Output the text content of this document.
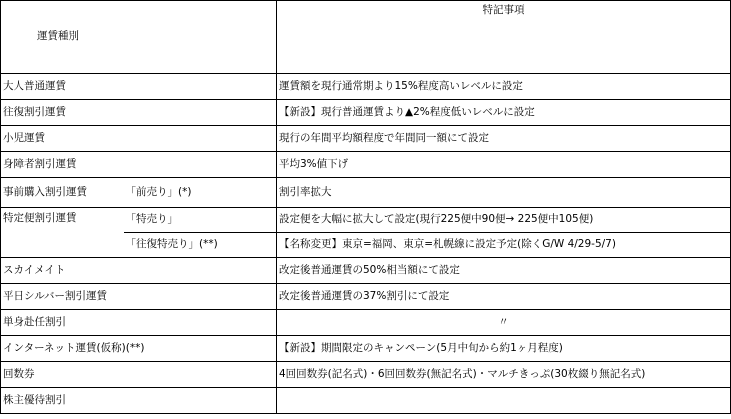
運賃種別		特記事項
大人普通運賃		運賃額を現行通常期より15%程度高いレベルに設定
往復割引運賃		【新設】現行普通運賃より▲2%程度低いレベルに設定
小児運賃		現行の年間平均額程度で年間同一額にて設定
身障者割引運賃		平均3%値下げ
事前購入割引運賃	「前売り」(*)	割引率拡大
特定便割引運賃	「特売り」	設定便を大幅に拡大して設定(現行225便中90便→ 225便中105便)
	「往復特売り」(**)	【名称変更】東京=福岡、東京=札幌線に設定予定(除くG/W 4/29-5/7)
スカイメイト		改定後普通運賃の50%相当額にて設定
平日シルバー割引運賃		改定後普通運賃の37%割引にて設定
単身赴任割引		〃
インターネット運賃(仮称)(**)		【新設】期間限定のキャンペーン(5月中旬から約1ヶ月程度)
回数券		4回回数券(記名式)・6回回数券(無記名式)・マルチきっぷ(30枚綴り無記名式)
株主優待割引		
